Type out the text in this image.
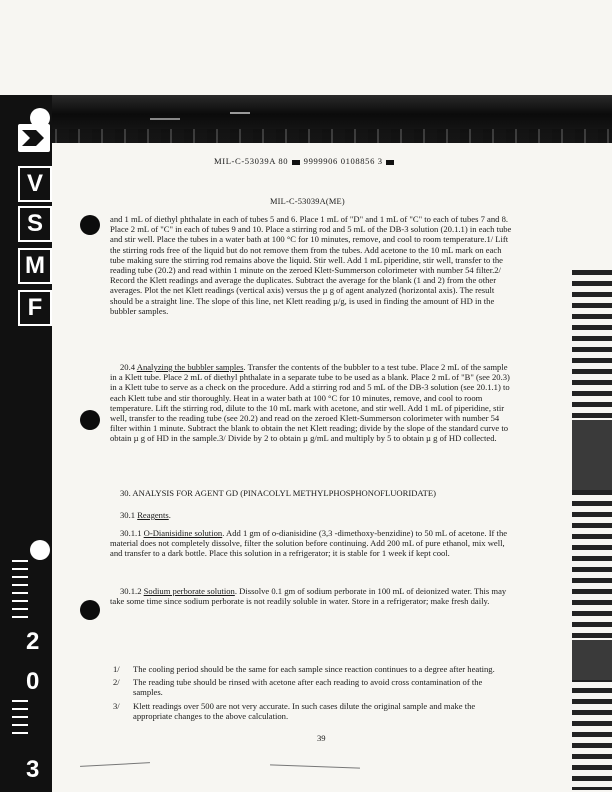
V
S
M
F
2
0
3
MIL-C-53039A 80 9999906 0108856 3
MIL-C-53039A(ME)

and 1 mL of diethyl phthalate in each of tubes 5 and 6. Place 1 mL of "D" and 1 mL of "C" to each of tubes 7 and 8. Place 2 mL of "C" in each of tubes 9 and 10. Place a stirring rod and 5 mL of the DB-3 solution (20.1.1) in each tube and stir well. Place the tubes in a water bath at 100 °C for 10 minutes, remove, and cool to room temperature.1/ Lift the stirring rods free of the liquid but do not remove them from the tubes. Add acetone to the 10 mL mark on each tube making sure the stirring rod remains above the liquid. Stir well. Add 1 mL piperidine, stir well, transfer to the reading tube (20.2) and read within 1 minute on the zeroed Klett-Summerson colorimeter with number 54 filter.2/ Record the Klett readings and average the duplicates. Subtract the average for the blank (1 and 2) from the other averages. Plot the net Klett readings (vertical axis) versus the µ g of agent analyzed (horizontal axis). The result should be a straight line. The slope of this line, net Klett reading µ/g, is used in finding the amount of HD in the bubbler samples.

20.4 Analyzing the bubbler samples. Transfer the contents of the bubbler to a test tube. Place 2 mL of the sample in a Klett tube. Place 2 mL of diethyl phthalate in a separate tube to be used as a blank. Place 2 mL of "B" (see 20.3) in a Klett tube to serve as a check on the procedure. Add a stirring rod and 5 mL of the DB-3 solution (see 20.1.1) to each Klett tube and stir thoroughly. Heat in a water bath at 100 °C for 10 minutes, remove, and cool to room temperature. Lift the stirring rod, dilute to the 10 mL mark with acetone, and stir well. Add 1 mL of piperidine, stir well, transfer to the reading tube (see 20.2) and read on the zeroed Klett-Summerson colorimeter with number 54 filter within 1 minute. Subtract the blank to obtain the net Klett reading; divide by the slope of the standard curve to obtain µ g of HD in the sample.3/ Divide by 2 to obtain µ g/mL and multiply by 5 to obtain µ g of HD collected.

30. ANALYSIS FOR AGENT GD (PINACOLYL METHYLPHOSPHONOFLUORIDATE)

30.1 Reagents.

30.1.1 O-Dianisidine solution. Add 1 gm of o-dianisidine (3,3 -dimethoxy-benzidine) to 50 mL of acetone. If the material does not completely dissolve, filter the solution before continuing. Add 200 mL of pure ethanol, mix well, and transfer to a dark bottle. Place this solution in a refrigerator; it is stable for 1 week if kept cool.

30.1.2 Sodium perborate solution. Dissolve 0.1 gm of sodium perborate in 100 mL of deionized water. This may take some time since sodium perborate is not readily soluble in water. Store in a refrigerator; make fresh daily.

1/	The cooling period should be the same for each sample since reaction continues to a degree after heating.
2/	The reading tube should be rinsed with acetone after each reading to avoid cross contamination of the samples.
3/	Klett readings over 500 are not very accurate. In such cases dilute the original sample and make the appropriate changes to the above calculation.
39
